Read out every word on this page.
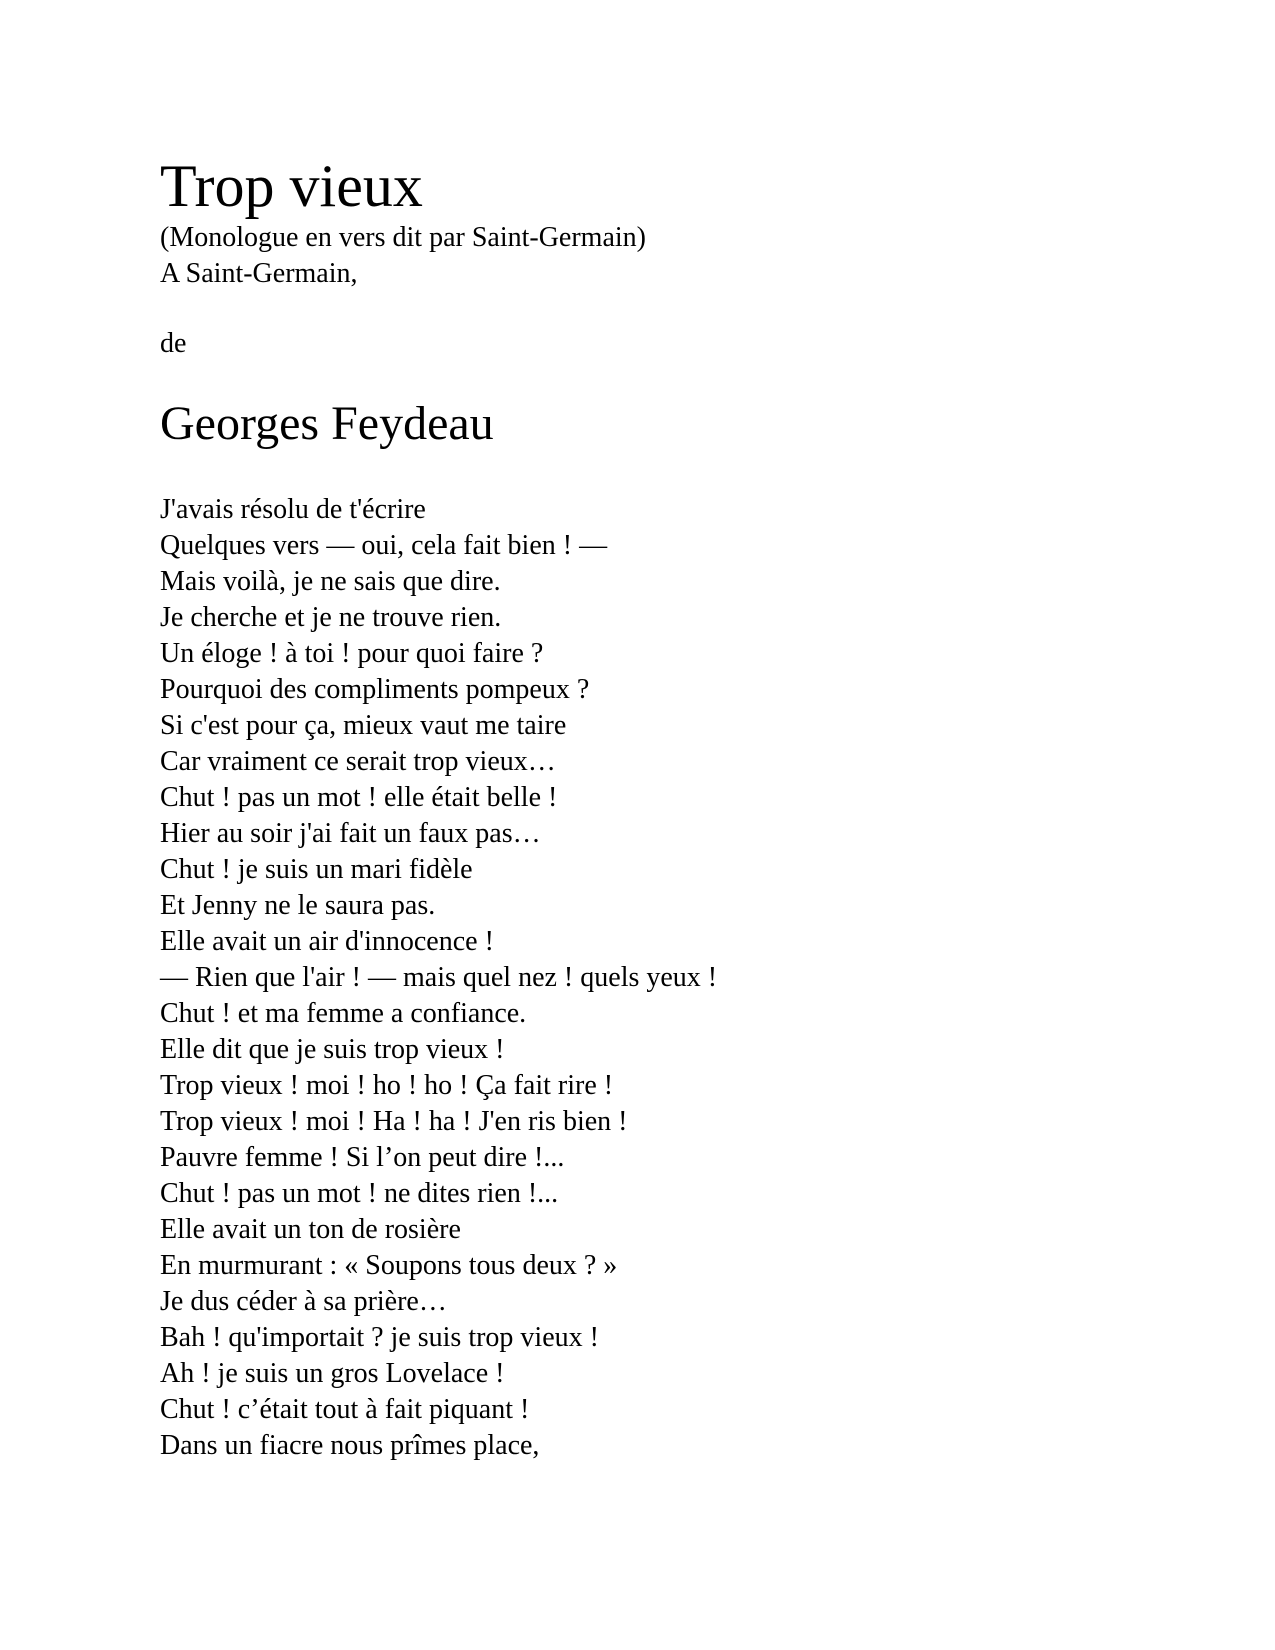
Trop vieux

(Monologue en vers dit par Saint-Germain)

A Saint-Germain,

de

Georges Feydeau

J'avais résolu de t'écrire

Quelques vers — oui, cela fait bien ! —

Mais voilà, je ne sais que dire.

Je cherche et je ne trouve rien.

Un éloge ! à toi ! pour quoi faire ?

Pourquoi des compliments pompeux ?

Si c'est pour ça, mieux vaut me taire

Car vraiment ce serait trop vieux…

Chut ! pas un mot ! elle était belle !

Hier au soir j'ai fait un faux pas…

Chut ! je suis un mari fidèle

Et Jenny ne le saura pas.

Elle avait un air d'innocence !

— Rien que l'air ! — mais quel nez ! quels yeux !

Chut ! et ma femme a confiance.

Elle dit que je suis trop vieux !

Trop vieux ! moi ! ho ! ho ! Ça fait rire !

Trop vieux ! moi ! Ha ! ha ! J'en ris bien !

Pauvre femme ! Si l’on peut dire !...

Chut ! pas un mot ! ne dites rien !...

Elle avait un ton de rosière

En murmurant : « Soupons tous deux ? »

Je dus céder à sa prière…

Bah ! qu'importait ? je suis trop vieux !

Ah ! je suis un gros Lovelace !

Chut ! c’était tout à fait piquant !

Dans un fiacre nous prîmes place,
